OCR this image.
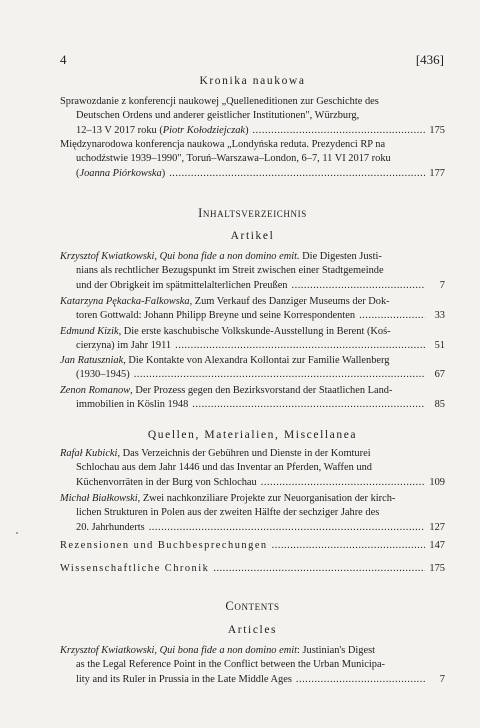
4	[436]
Kronika naukowa
Sprawozdanie z konferencji naukowej „Quelleneditionen zur Geschichte des
Deutschen Ordens und anderer geistlicher Institutionen", Würzburg,
12–13 V 2017 roku ( Piotr Kołodziejczak ) .....	175
Międzynarodowa konferencja naukowa „Londyńska reduta. Prezydenci RP na
uchodźstwie 1939–1990", Toruń–Warszawa–London, 6–7, 11 VI 2017 roku
( Joanna Piórkowska ) .....	177
Inhaltsverzeichnis
Artikel
Krzysztof Kwiatkowski, Qui bona fide a non domino emit. Die Digesten Justi-
nians als rechtlicher Bezugspunkt im Streit zwischen einer Stadtgemeinde
und der Obrigkeit im spätmittelalterlichen Preußen .....	7
Katarzyna Pękacka-Falkowska, Zum Verkauf des Danziger Museums der Dok-
toren Gottwald: Johann Philipp Breyne und seine Korrespondenten .....	33
Edmund Kizik, Die erste kaschubische Volkskunde-Ausstellung in Berent (Koś-
cierzyna) im Jahr 1911 .....	51
Jan Ratuszniak, Die Kontakte von Alexandra Kollontai zur Familie Wallenberg
(1930–1945) .....	67
Zenon Romanow, Der Prozess gegen den Bezirksvorstand der Staatlichen Land-
immobilien in Köslin 1948 .....	85
Quellen, Materialien, Miscellanea
Rafał Kubicki, Das Verzeichnis der Gebühren und Dienste in der Komturei
Schlochau aus dem Jahr 1446 und das Inventar an Pferden, Waffen und
Küchenvorräten in der Burg von Schlochau .....	109
Michał Białkowski, Zwei nachkonziliare Projekte zur Neuorganisation der kirch-
lichen Strukturen in Polen aus der zweiten Hälfte der sechziger Jahre des
20. Jahrhunderts .....	127
Rezensionen und Buchbesprechungen .....	147
Wissenschaftliche Chronik .....	175
Contents
Articles
Krzysztof Kwiatkowski, Qui bona fide a non domino emit: Justinian's Digest
as the Legal Reference Point in the Conflict between the Urban Municipa-
lity and its Ruler in Prussia in the Late Middle Ages .....	7
